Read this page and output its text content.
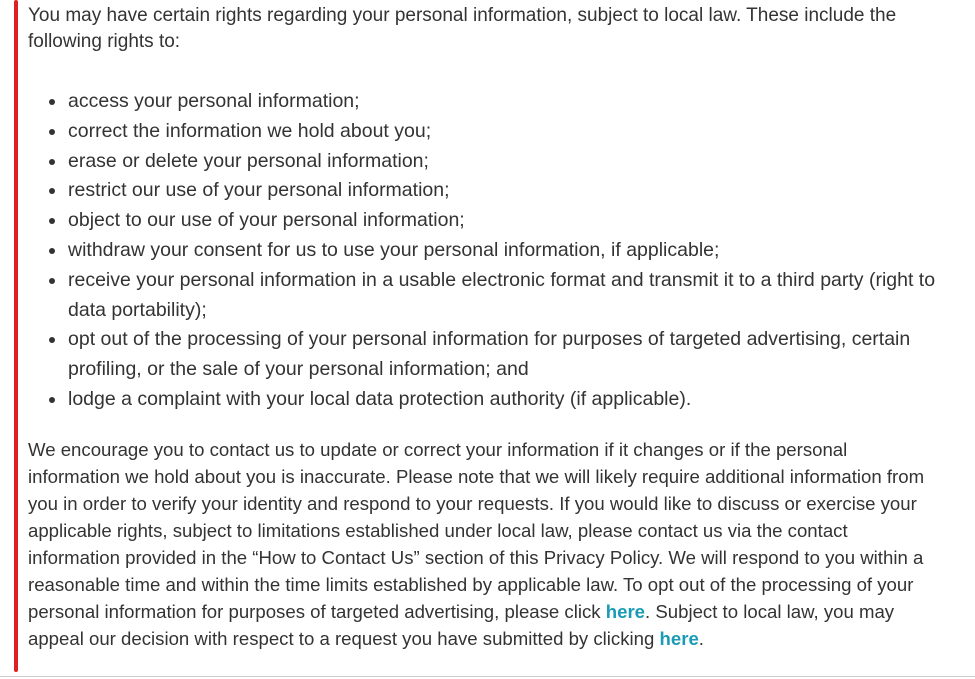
You may have certain rights regarding your personal information, subject to local law. These include the following rights to:

access your personal information;
correct the information we hold about you;
erase or delete your personal information;
restrict our use of your personal information;
object to our use of your personal information;
withdraw your consent for us to use your personal information, if applicable;
receive your personal information in a usable electronic format and transmit it to a third party (right to data portability);
opt out of the processing of your personal information for purposes of targeted advertising, certain profiling, or the sale of your personal information; and
lodge a complaint with your local data protection authority (if applicable).

We encourage you to contact us to update or correct your information if it changes or if the personal information we hold about you is inaccurate. Please note that we will likely require additional information from you in order to verify your identity and respond to your requests. If you would like to discuss or exercise your applicable rights, subject to limitations established under local law, please contact us via the contact information provided in the “How to Contact Us” section of this Privacy Policy. We will respond to you within a reasonable time and within the time limits established by applicable law. To opt out of the processing of your personal information for purposes of targeted advertising, please click here. Subject to local law, you may appeal our decision with respect to a request you have submitted by clicking here.
